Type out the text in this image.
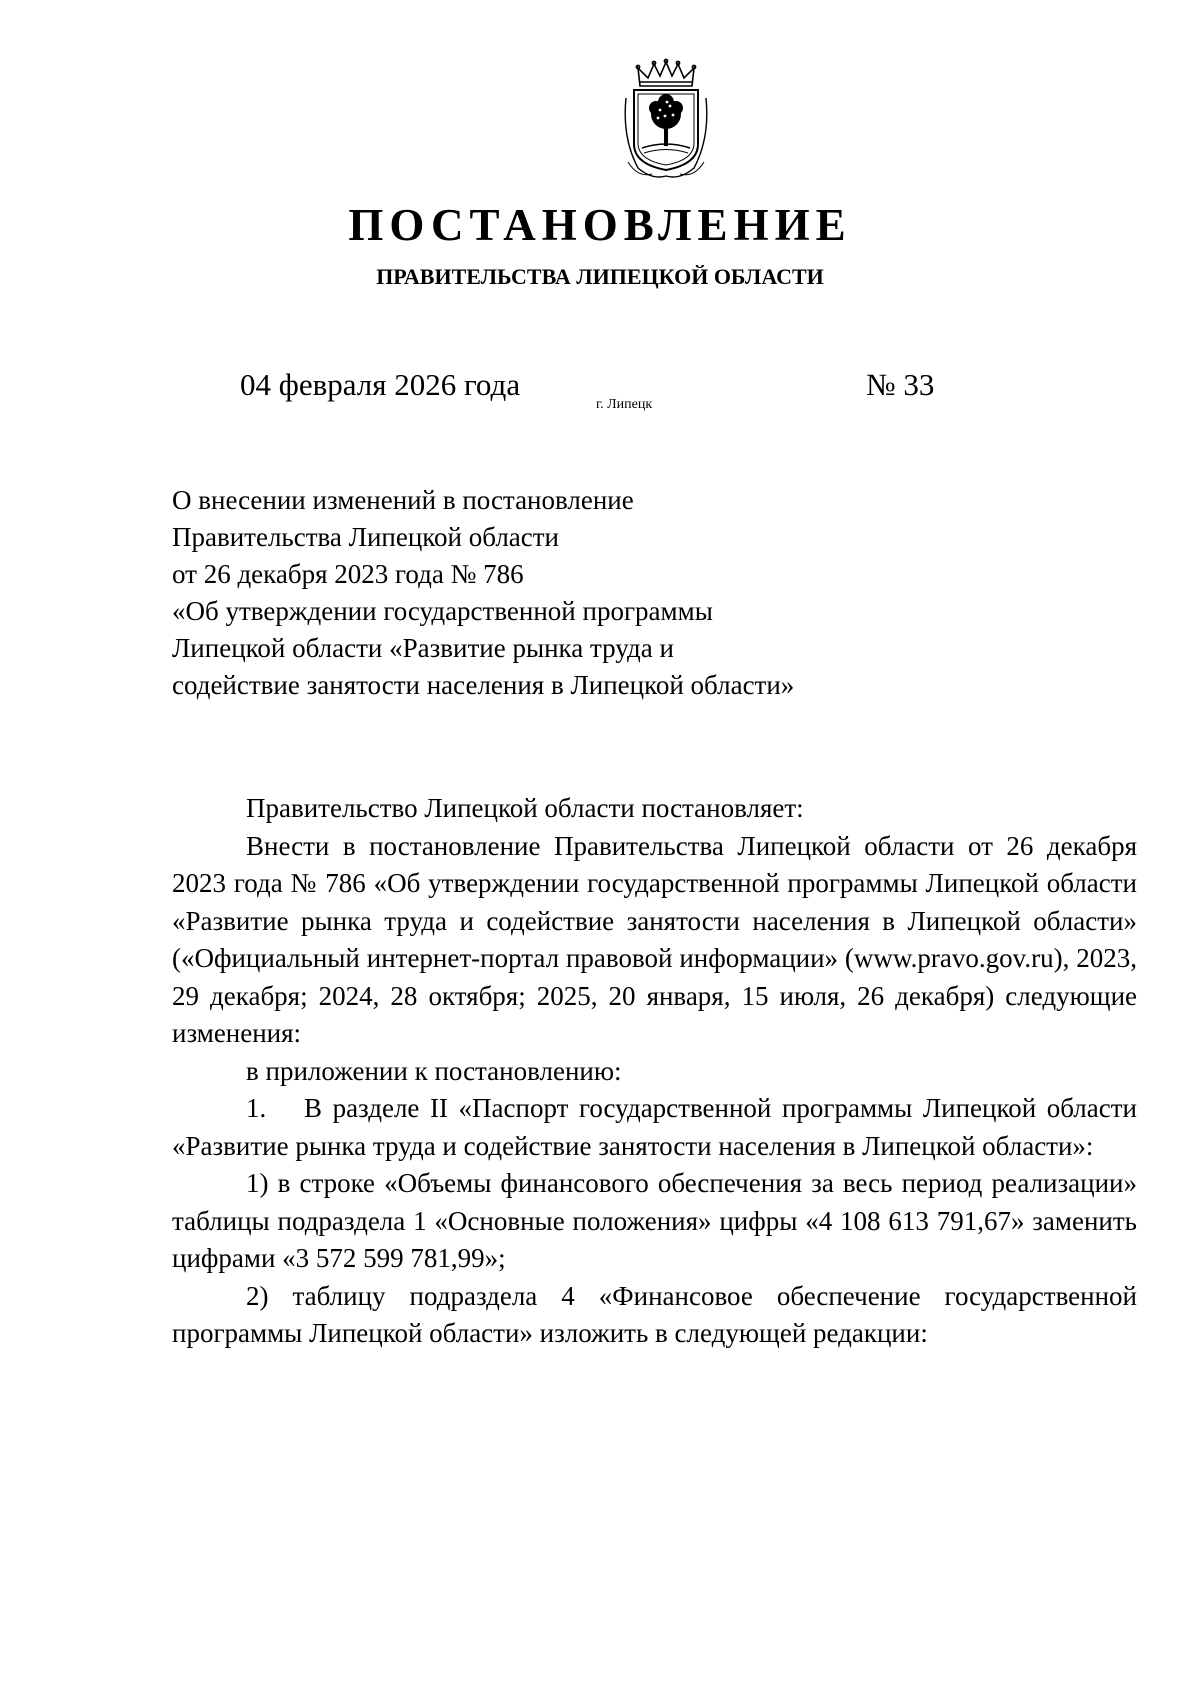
ПОСТАНОВЛЕНИЕ
ПРАВИТЕЛЬСТВА ЛИПЕЦКОЙ ОБЛАСТИ
04 февраля 2026 года
г. Липецк
№ 33
О внесении изменений в постановление
Правительства Липецкой области
от 26 декабря 2023 года № 786
«Об утверждении государственной программы
Липецкой области «Развитие рынка труда и
содействие занятости населения в Липецкой области»

Правительство Липецкой области постановляет:

Внести в постановление Правительства Липецкой области от 26 декабря 2023 года № 786 «Об утверждении государственной программы Липецкой области «Развитие рынка труда и содействие занятости населения в Липецкой области» («Официальный интернет-портал правовой информации» (www.pravo.gov.ru), 2023, 29 декабря; 2024, 28 октября; 2025, 20 января, 15 июля, 26 декабря) следующие изменения:

в приложении к постановлению:

1. В разделе II «Паспорт государственной программы Липецкой области «Развитие рынка труда и содействие занятости населения в Липецкой области»:

1) в строке «Объемы финансового обеспечения за весь период реализации» таблицы подраздела 1 «Основные положения» цифры «4 108 613 791,67» заменить цифрами «3 572 599 781,99»;

2) таблицу подраздела 4 «Финансовое обеспечение государственной программы Липецкой области» изложить в следующей редакции:
